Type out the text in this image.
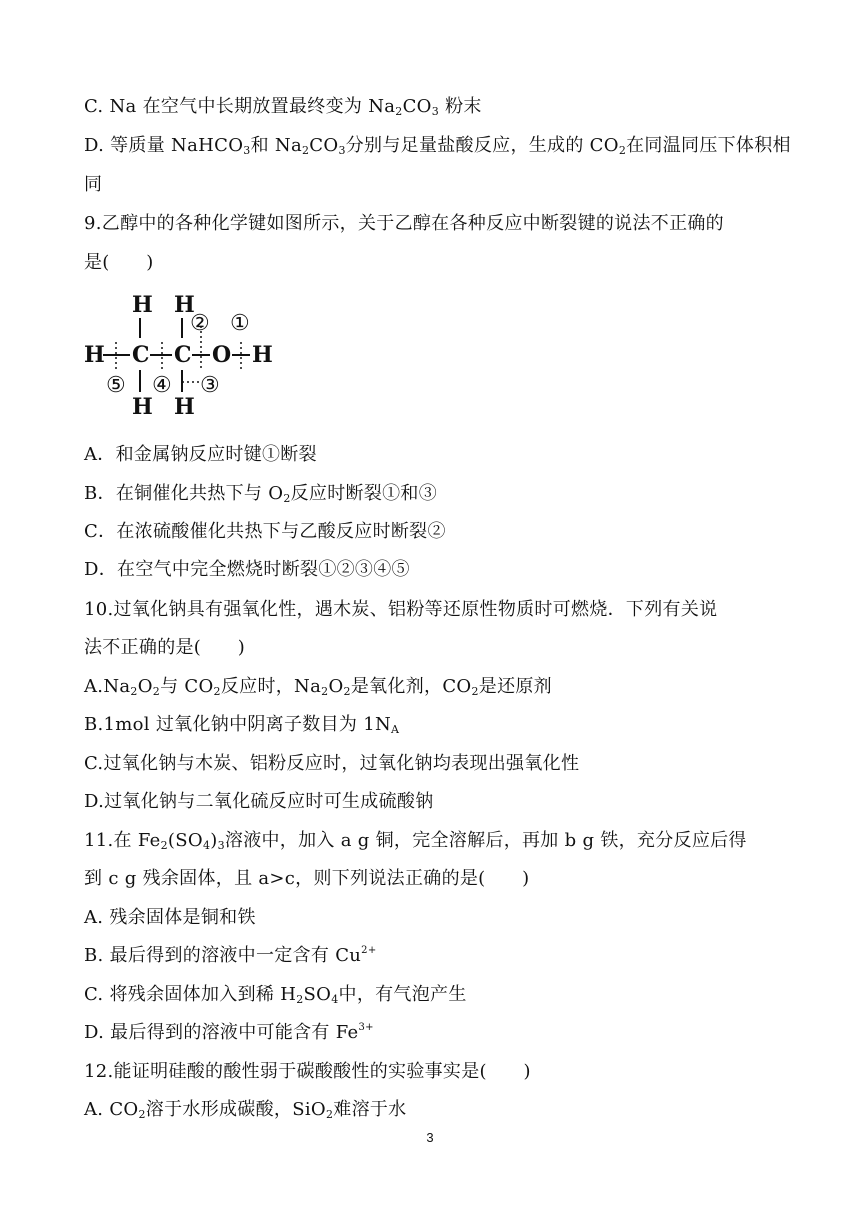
C. Na 在空气中长期放置最终变为 $Na_2CO_3$ 粉末
D. 等质量 NaHCO$_3$和 $Na_2CO_3$分别与足量盐酸反应，生成的 $CO_2$在同温同压下体积相
同
9.乙醇中的各种化学键如图所示，关于乙醇在各种反应中断裂键的说法不正确的
是(　　)
H H
H C C O H
H H
①
②
③
④
⑤
A．和金属钠反应时键①断裂
B．在铜催化共热下与 $O_2$反应时断裂①和③
C．在浓硫酸催化共热下与乙酸反应时断裂②
D．在空气中完全燃烧时断裂①②③④⑤
10.过氧化钠具有强氧化性，遇木炭、铝粉等还原性物质时可燃烧．下列有关说
法不正确的是(　　)
$A.Na_2O_2$与 $CO_2$反应时，$Na_2O_2$是氧化剂，$CO_2$是还原剂
B.1mol 过氧化钠中阴离子数目为 $1N_A$
C.过氧化钠与木炭、铝粉反应时，过氧化钠均表现出强氧化性
D.过氧化钠与二氧化硫反应时可生成硫酸钠
11.在 $Fe_2(SO_4)_3$溶液中，加入 a g 铜，完全溶解后，再加 b g 铁，充分反应后得
到 c g 残余固体，且 a>c，则下列说法正确的是(　　)
A. 残余固体是铜和铁
B. 最后得到的溶液中一定含有 $Cu^{2+}$
C. 将残余固体加入到稀 $H_2SO_4$中，有气泡产生
D. 最后得到的溶液中可能含有 $Fe^{3+}$
12.能证明硅酸的酸性弱于碳酸酸性的实验事实是(　　)
A. $CO_2$溶于水形成碳酸，SiO$_2$难溶于水
3
